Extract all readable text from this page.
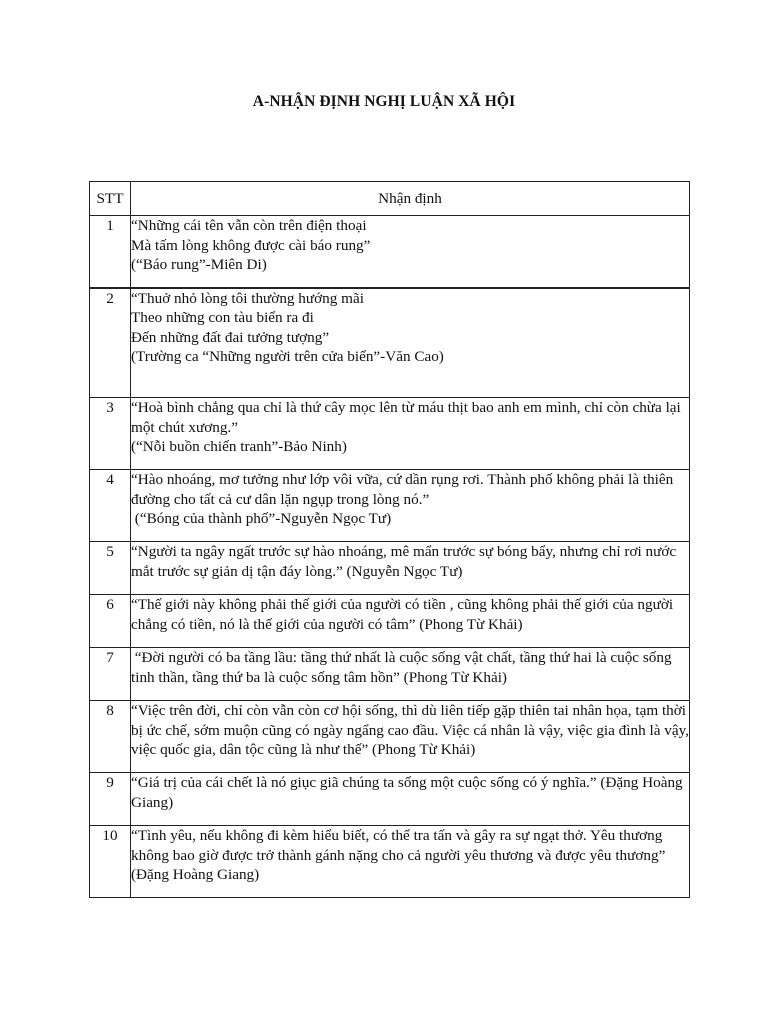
A-NHẬN ĐỊNH NGHỊ LUẬN XÃ HỘI
STT	Nhận định
1	“Những cái tên vẫn còn trên điện thoại
Mà tấm lòng không được cài báo rung”
(“Báo rung”-Miên Di)

2	“Thuở nhỏ lòng tôi thường hướng mãi
Theo những con tàu biển ra đi
Đến những đất đai tưởng tượng”
(Trường ca “Những người trên cửa biển”-Văn Cao)

3	“Hoà bình chẳng qua chỉ là thứ cây mọc lên từ máu thịt bao anh em mình, chỉ còn chừa lại một chút xương.”
(“Nỗi buồn chiến tranh”-Bảo Ninh)

4	“Hào nhoáng, mơ tưởng như lớp vôi vữa, cứ dần rụng rơi. Thành phố không phải là thiên đường cho tất cả cư dân lặn ngụp trong lòng nó.”
(“Bóng của thành phố”-Nguyễn Ngọc Tư)

5	“Người ta ngây ngất trước sự hào nhoáng, mê mẩn trước sự bóng bẩy, nhưng chỉ rơi nước mắt trước sự giản dị tận đáy lòng.” (Nguyễn Ngọc Tư)

6	“Thế giới này không phải thế giới của người có tiền , cũng không phải thế giới của người chẳng có tiền, nó là thế giới của người có tâm” (Phong Từ Khải)

7	“Đời người có ba tầng lầu: tầng thứ nhất là cuộc sống vật chất, tầng thứ hai là cuộc sống tinh thần, tầng thứ ba là cuộc sống tâm hồn” (Phong Từ Khải)

8	“Việc trên đời, chỉ còn vẫn còn cơ hội sống, thì dù liên tiếp gặp thiên tai nhân họa, tạm thời bị ức chế, sớm muộn cũng có ngày ngẩng cao đầu. Việc cá nhân là vậy, việc gia đình là vậy, việc quốc gia, dân tộc cũng là như thế” (Phong Từ Khải)

9	“Giá trị của cái chết là nó giục giã chúng ta sống một cuộc sống có ý nghĩa.” (Đặng Hoàng Giang)

10	“Tình yêu, nếu không đi kèm hiểu biết, có thể tra tấn và gây ra sự ngạt thở. Yêu thương không bao giờ được trở thành gánh nặng cho cả người yêu thương và được yêu thương” (Đặng Hoàng Giang)
